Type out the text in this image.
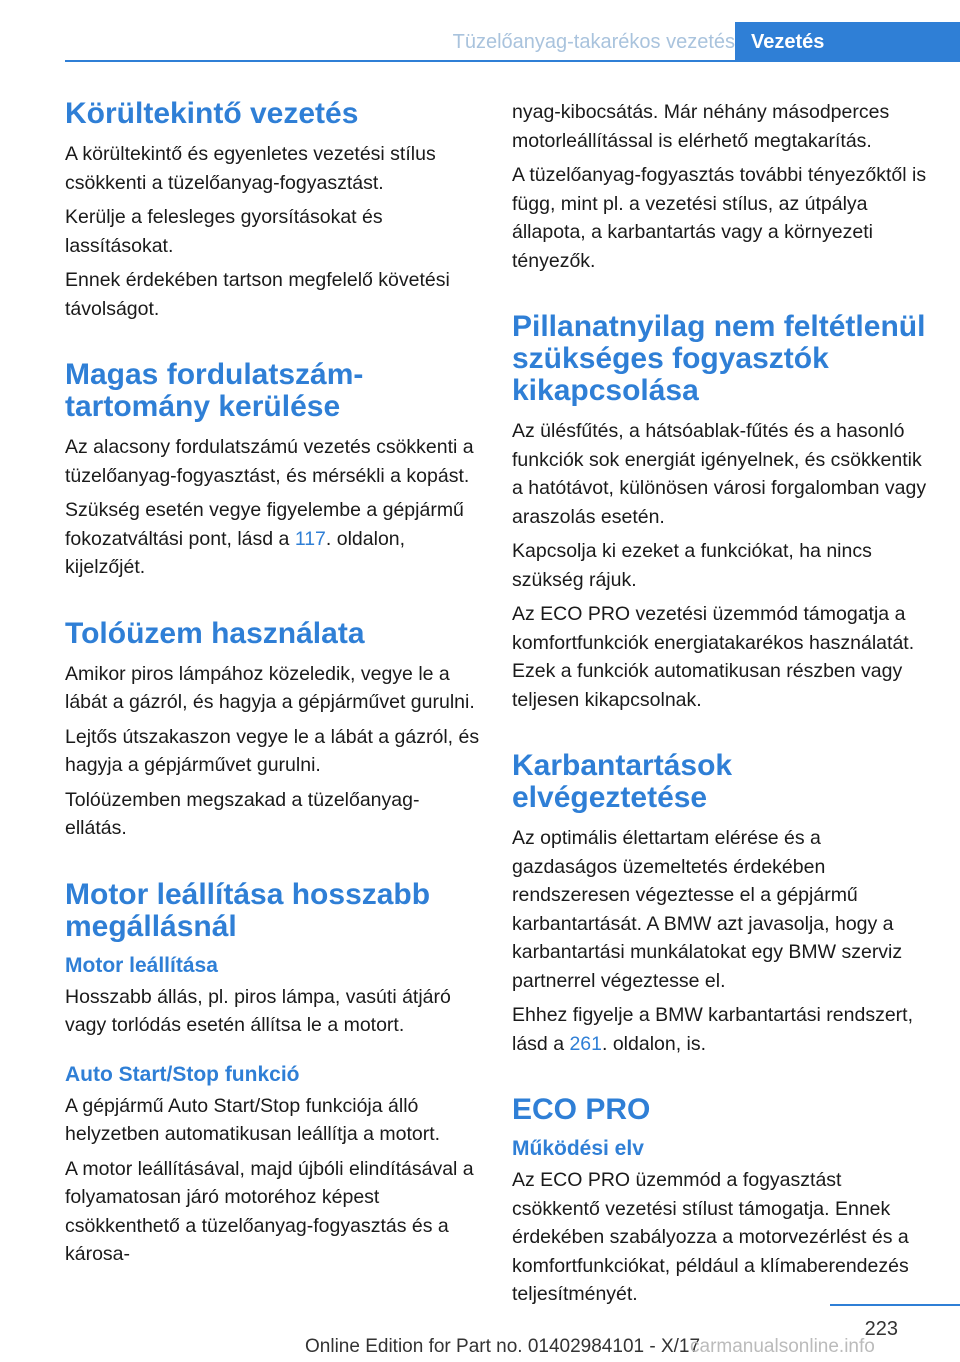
Tüzelőanyag-takarékos vezetés Vezetés
Körültekintő vezetés

A körültekintő és egyenletes vezetési stílus csökkenti a tüzelőanyag-fogyasztást.

Kerülje a felesleges gyorsításokat és lassításokat.

Ennek érdekében tartson megfelelő követési távolságot.

Magas fordulatszám-tartomány kerülése

Az alacsony fordulatszámú vezetés csökkenti a tüzelőanyag-fogyasztást, és mérsékli a kopást.

Szükség esetén vegye figyelembe a gépjármű fokozatváltási pont, lásd a 117. oldalon, kijelzőjét.

Tolóüzem használata

Amikor piros lámpához közeledik, vegye le a lábát a gázról, és hagyja a gépjárművet gurulni.

Lejtős útszakaszon vegye le a lábát a gázról, és hagyja a gépjárművet gurulni.

Tolóüzemben megszakad a tüzelőanyag-ellátás.

Motor leállítása hosszabb megállásnál
Motor leállítása

Hosszabb állás, pl. piros lámpa, vasúti átjáró vagy torlódás esetén állítsa le a motort.

Auto Start/Stop funkció

A gépjármű Auto Start/Stop funkciója álló helyzetben automatikusan leállítja a motort.

A motor leállításával, majd újbóli elindításával a folyamatosan járó motoréhoz képest csökkenthető a tüzelőanyag-fogyasztás és a károsa-

nyag-kibocsátás. Már néhány másodperces motorleállítással is elérhető megtakarítás.

A tüzelőanyag-fogyasztás további tényezőktől is függ, mint pl. a vezetési stílus, az útpálya állapota, a karbantartás vagy a környezeti tényezők.

Pillanatnyilag nem feltétlenül szükséges fogyasztók kikapcsolása

Az ülésfűtés, a hátsóablak-fűtés és a hasonló funkciók sok energiát igényelnek, és csökkentik a hatótávot, különösen városi forgalomban vagy araszolás esetén.

Kapcsolja ki ezeket a funkciókat, ha nincs szükség rájuk.

Az ECO PRO vezetési üzemmód támogatja a komfortfunkciók energiatakarékos használatát. Ezek a funkciók automatikusan részben vagy teljesen kikapcsolnak.

Karbantartások elvégeztetése

Az optimális élettartam elérése és a gazdaságos üzemeltetés érdekében rendszeresen végeztesse el a gépjármű karbantartását. A BMW azt javasolja, hogy a karbantartási munkálatokat egy BMW szerviz partnerrel végeztesse el.

Ehhez figyelje a BMW karbantartási rendszert, lásd a 261. oldalon, is.

ECO PRO
Működési elv

Az ECO PRO üzemmód a fogyasztást csökkentő vezetési stílust támogatja. Ennek érdekében szabályozza a motorvezérlést és a komfortfunkciókat, például a klímaberendezés teljesítményét.

223
Online Edition for Part no. 01402984101 - X/17
carmanualsonline.info
